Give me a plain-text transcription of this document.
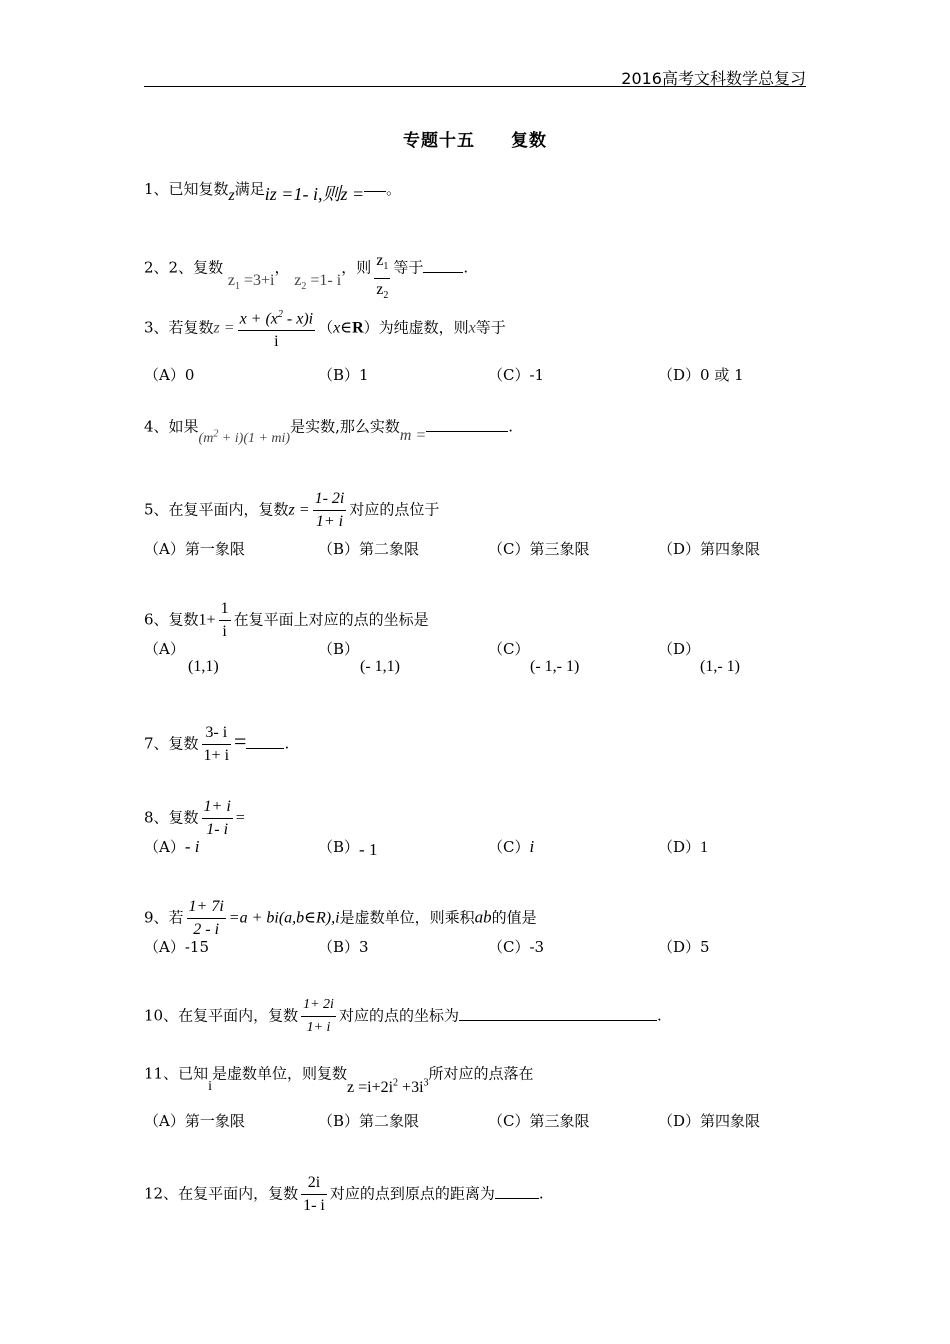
2016高考文科数学总复习
专题十五　　复数
1、已知复数z满足iz =1- i,则z = 。
2、2、复数 $z_1 =3+i$， $z_2 =1-$ i，则 $\frac{z_1}{z_2}$ 等于	.
3、若复数$z = \frac{x + (x^2 - x)i}{i}$ （x∈R）为纯虚数，则x等于
（A）0	（B）1	（C）-1	（D）0 或 1
4、如果$(m^2 + i)(1 + mi)$是实数,那么实数m =	.
5、在复平面内，复数$z = \frac{1- 2i}{1+ i}$ 对应的点位于
（A）第一象限	（B）第二象限	（C）第三象限	（D）第四象限
6、复数$1+ \frac{1}{i}$ 在复平面上对应的点的坐标是
（A）
(1,1)
（B）
(- 1,1)
（C）
(- 1,- 1)
（D）
(1,- 1)
7、复数 $\frac{3- i}{1+ i}$ =	.
8、复数 $\frac{1+ i}{1- i}$ =
（A）- i	（B）- 1	（C）i	（D）1
9、若 $\frac{1+ 7i}{2 - i} =a$ + bi(a,b∈R),i是虚数单位，则乘积ab的值是
（A）-15	（B）3	（C）-3	（D）5
10、在复平面内，复数 $\frac{1+ 2i}{1+ i}$ 对应的点的坐标为	.
11、已知i是虚数单位，则复数$z =i+2i^2 +3i^3$所对应的点落在
（A）第一象限	（B）第二象限	（C）第三象限	（D）第四象限
12、在复平面内，复数 $\frac{2i}{1- i}$ 对应的点到原点的距离为	.
